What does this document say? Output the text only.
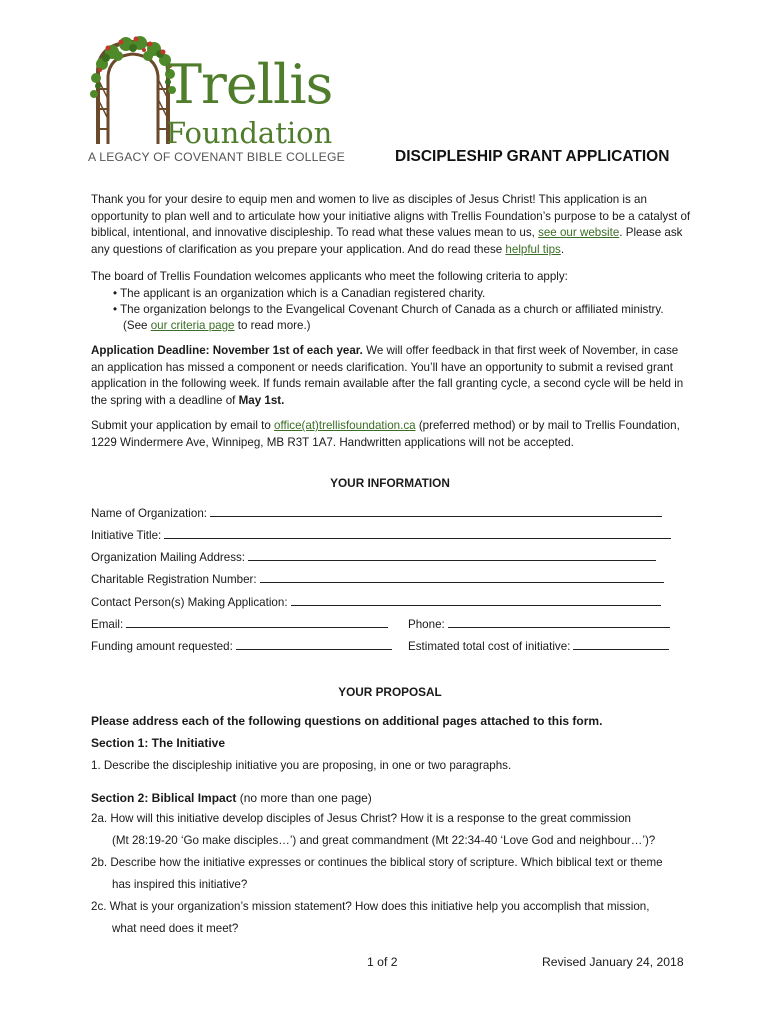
Trellis
Foundation
A LEGACY OF COVENANT BIBLE COLLEGE	DISCIPLESHIP GRANT APPLICATION
Thank you for your desire to equip men and women to live as disciples of Jesus Christ! This application is an opportunity to plan well and to articulate how your initiative aligns with Trellis Foundation’s purpose to be a catalyst of biblical, intentional, and innovative discipleship. To read what these values mean to us, see our website. Please ask any questions of clarification as you prepare your application. And do read these helpful tips.
The board of Trellis Foundation welcomes applicants who meet the following criteria to apply:
• The applicant is an organization which is a Canadian registered charity.
• The organization belongs to the Evangelical Covenant Church of Canada as a church or affiliated ministry.
(See our criteria page to read more.)
Application Deadline: November 1st of each year. We will offer feedback in that first week of November, in case an application has missed a component or needs clarification. You’ll have an opportunity to submit a revised grant application in the following week. If funds remain available after the fall granting cycle, a second cycle will be held in the spring with a deadline of May 1st.
Submit your application by email to office(at)trellisfoundation.ca (preferred method) or by mail to Trellis Foundation, 1229 Windermere Ave, Winnipeg, MB R3T 1A7. Handwritten applications will not be accepted.
YOUR INFORMATION
Name of Organization:
Initiative Title:
Organization Mailing Address:
Charitable Registration Number:
Contact Person(s) Making Application:
Email:	Phone:
Funding amount requested:	Estimated total cost of initiative:
YOUR PROPOSAL
Please address each of the following questions on additional pages attached to this form.
Section 1: The Initiative
1. Describe the discipleship initiative you are proposing, in one or two paragraphs.
Section 2: Biblical Impact (no more than one page)
2a. How will this initiative develop disciples of Jesus Christ? How it is a response to the great commission
(Mt 28:19-20 ‘Go make disciples…’) and great commandment (Mt 22:34-40 ‘Love God and neighbour…’)?
2b. Describe how the initiative expresses or continues the biblical story of scripture. Which biblical text or theme
has inspired this initiative?
2c. What is your organization’s mission statement? How does this initiative help you accomplish that mission,
what need does it meet?
1 of 2	Revised January 24, 2018
